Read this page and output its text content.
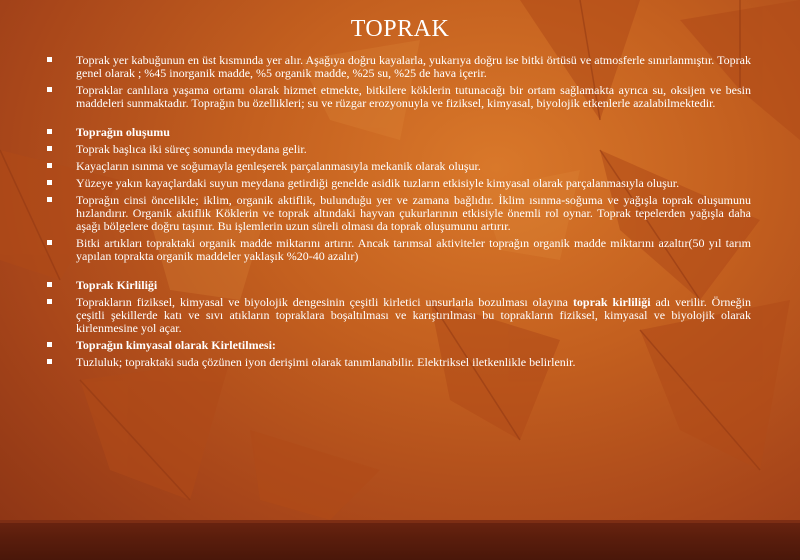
TOPRAK
Toprak yer kabuğunun en üst kısmında yer alır. Aşağıya doğru kayalarla, yukarıya doğru ise bitki örtüsü ve atmosferle sınırlanmıştır. Toprak genel olarak ; %45 inorganik madde, %5 organik madde, %25 su, %25 de hava içerir.
Topraklar canlılara yaşama ortamı olarak hizmet etmekte, bitkilere köklerin tutunacağı bir ortam sağlamakta ayrıca su, oksijen ve besin maddeleri sunmaktadır. Toprağın bu özellikleri; su ve rüzgar erozyonuyla ve fiziksel, kimyasal, biyolojik etkenlerle azalabilmektedir.
Toprağın oluşumu
Toprak başlıca iki süreç sonunda meydana gelir.
Kayaçların ısınma ve soğumayla genleşerek parçalanmasıyla mekanik olarak oluşur.
Yüzeye yakın kayaçlardaki suyun meydana getirdiği genelde asidik tuzların etkisiyle kimyasal olarak parçalanmasıyla oluşur.
Toprağın cinsi öncelikle; iklim, organik aktiflik, bulunduğu yer ve zamana bağlıdır. İklim ısınma-soğuma ve yağışla toprak oluşumunu hızlandırır. Organik aktiflik Köklerin ve toprak altındaki hayvan çukurlarının etkisiyle önemli rol oynar. Toprak tepelerden yağışla daha aşağı bölgelere doğru taşınır. Bu işlemlerin uzun süreli olması da toprak oluşumunu artırır.
Bitki artıkları topraktaki organik madde miktarını artırır. Ancak tarımsal aktiviteler toprağın organik madde miktarını azaltır(50 yıl tarım yapılan toprakta organik maddeler yaklaşık %20-40 azalır)
Toprak Kirliliği
Toprakların fiziksel, kimyasal ve biyolojik dengesinin çeşitli kirletici unsurlarla bozulması olayına toprak kirliliği adı verilir. Örneğin çeşitli şekillerde katı ve sıvı atıkların topraklara boşaltılması ve karıştırılması bu toprakların fiziksel, kimyasal ve biyolojik olarak kirlenmesine yol açar.
Toprağın kimyasal olarak Kirletilmesi:
Tuzluluk; topraktaki suda çözünen iyon derişimi olarak tanımlanabilir. Elektriksel iletkenlikle belirlenir.
